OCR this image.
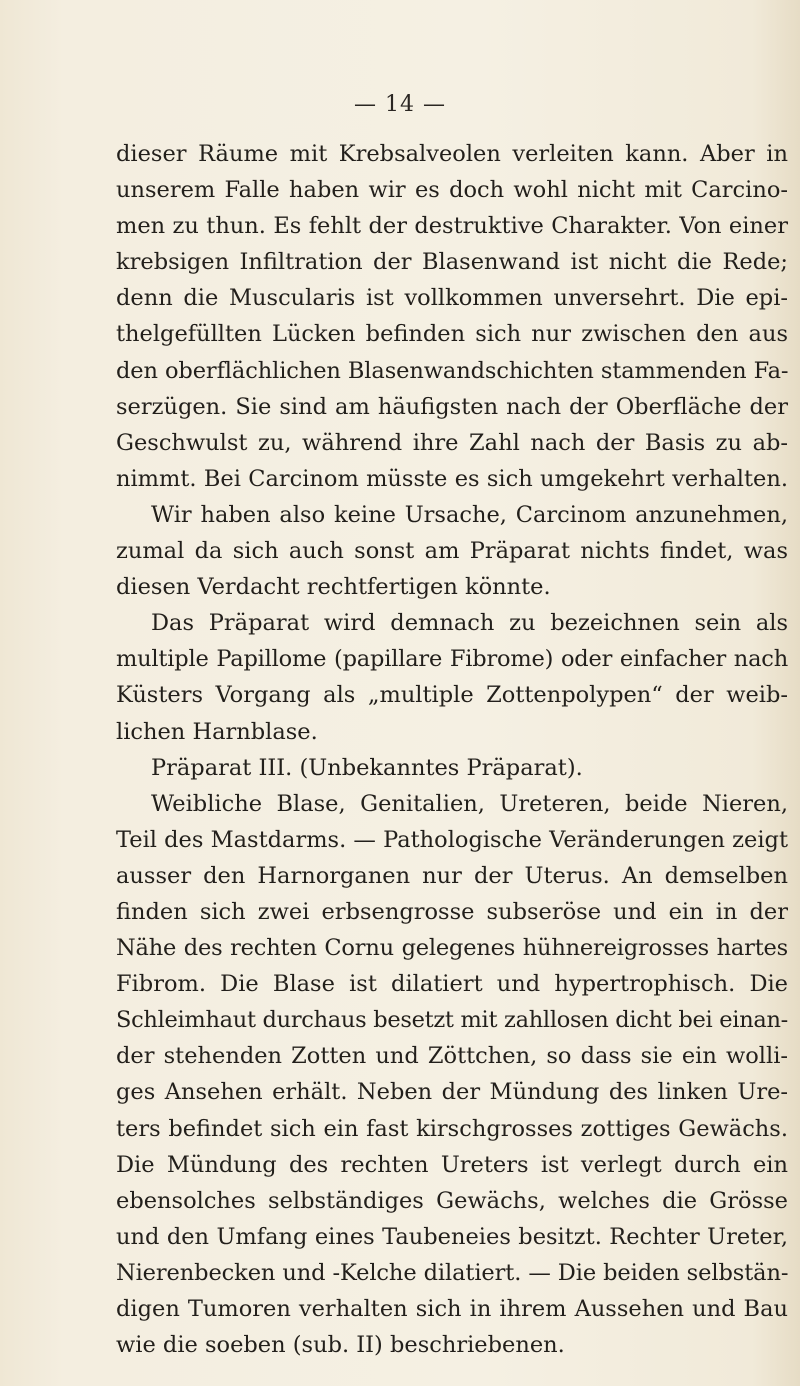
— 14 —
dieser Räume mit Krebsalveolen verleiten kann. Aber in
unserem Falle haben wir es doch wohl nicht mit Carcino-
men zu thun. Es fehlt der destruktive Charakter. Von einer
krebsigen Infiltration der Blasenwand ist nicht die Rede;
denn die Muscularis ist vollkommen unversehrt. Die epi-
thelgefüllten Lücken befinden sich nur zwischen den aus
den oberflächlichen Blasenwandschichten stammenden Fa-
serzügen. Sie sind am häufigsten nach der Oberfläche der
Geschwulst zu, während ihre Zahl nach der Basis zu ab-
nimmt. Bei Carcinom müsste es sich umgekehrt verhalten.
Wir haben also keine Ursache, Carcinom anzunehmen,
zumal da sich auch sonst am Präparat nichts findet, was
diesen Verdacht rechtfertigen könnte.
Das Präparat wird demnach zu bezeichnen sein als
multiple Papillome (papillare Fibrome) oder einfacher nach
Küsters Vorgang als „multiple Zottenpolypen“ der weib-
lichen Harnblase.
Präparat III. (Unbekanntes Präparat).
Weibliche Blase, Genitalien, Ureteren, beide Nieren,
Teil des Mastdarms. — Pathologische Veränderungen zeigt
ausser den Harnorganen nur der Uterus. An demselben
finden sich zwei erbsengrosse subseröse und ein in der
Nähe des rechten Cornu gelegenes hühnereigrosses hartes
Fibrom. Die Blase ist dilatiert und hypertrophisch. Die
Schleimhaut durchaus besetzt mit zahllosen dicht bei einan-
der stehenden Zotten und Zöttchen, so dass sie ein wolli-
ges Ansehen erhält. Neben der Mündung des linken Ure-
ters befindet sich ein fast kirschgrosses zottiges Gewächs.
Die Mündung des rechten Ureters ist verlegt durch ein
ebensolches selbständiges Gewächs, welches die Grösse
und den Umfang eines Taubeneies besitzt. Rechter Ureter,
Nierenbecken und -Kelche dilatiert. — Die beiden selbstän-
digen Tumoren verhalten sich in ihrem Aussehen und Bau
wie die soeben (sub. II) beschriebenen.
